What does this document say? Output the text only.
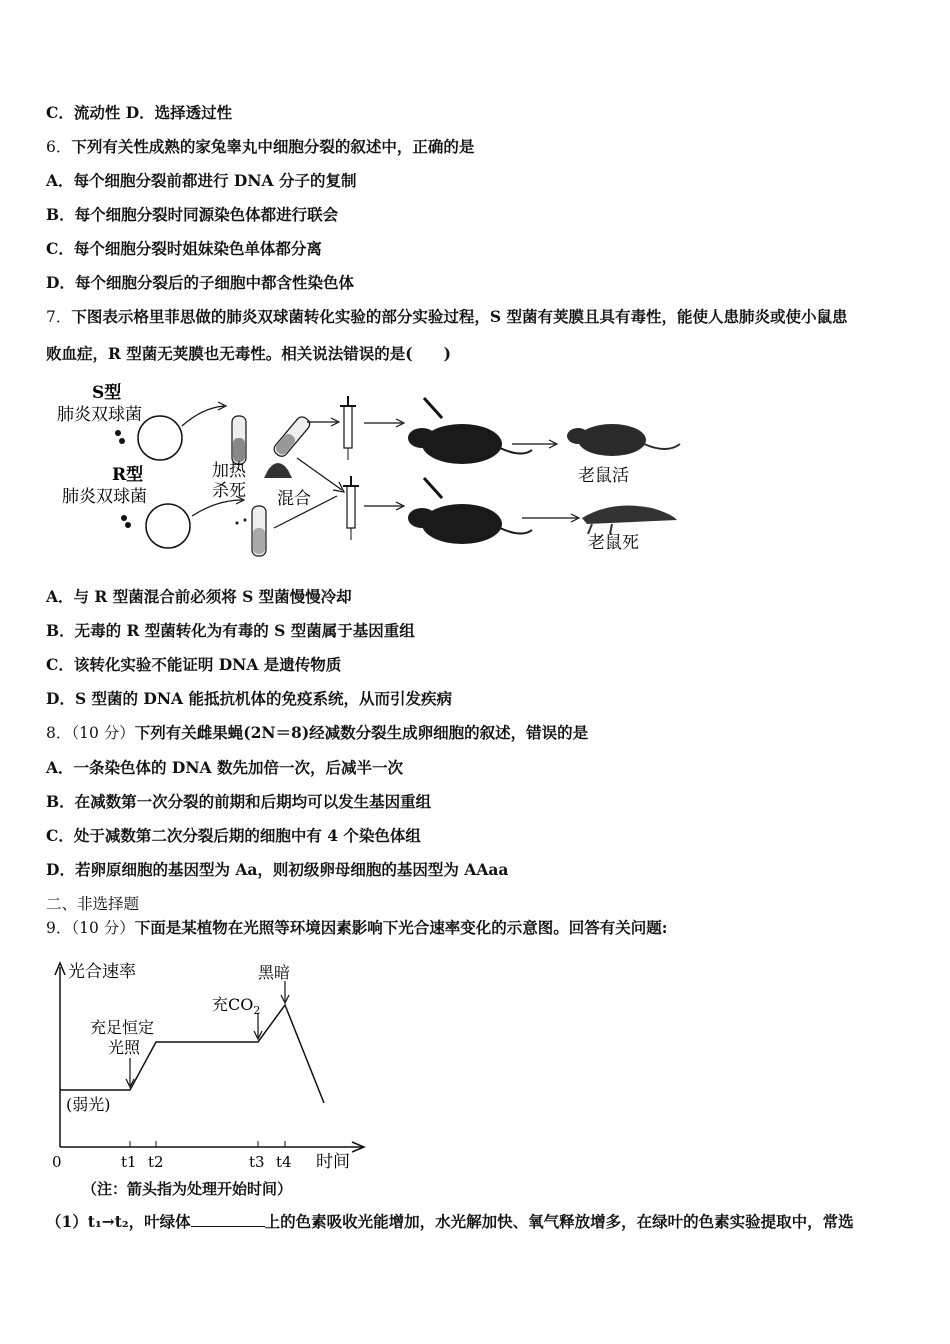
C．流动性 D．选择透过性
6．下列有关性成熟的家兔睾丸中细胞分裂的叙述中，正确的是
A．每个细胞分裂前都进行 DNA 分子的复制
B．每个细胞分裂时同源染色体都进行联会
C．每个细胞分裂时姐妹染色单体都分离
D．每个细胞分裂后的子细胞中都含性染色体
7．下图表示格里菲思做的肺炎双球菌转化实验的部分实验过程，S 型菌有荚膜且具有毒性，能使人患肺炎或使小鼠患
败血症，R 型菌无荚膜也无毒性。相关说法错误的是(　　)
S型
肺炎双球菌
R型
肺炎双球菌
加热
杀死 混合
老鼠活
老鼠死
A．与 R 型菌混合前必须将 S 型菌慢慢冷却
B．无毒的 R 型菌转化为有毒的 S 型菌属于基因重组
C．该转化实验不能证明 DNA 是遗传物质
D．S 型菌的 DNA 能抵抗机体的免疫系统，从而引发疾病
8．（10 分）下列有关雌果蝇(2N＝8)经减数分裂生成卵细胞的叙述，错误的是
A．一条染色体的 DNA 数先加倍一次，后减半一次
B．在减数第一次分裂的前期和后期均可以发生基因重组
C．处于减数第二次分裂后期的细胞中有 4 个染色体组
D．若卵原细胞的基因型为 Aa，则初级卵母细胞的基因型为 AAaa
二、非选择题
9．（10 分）下面是某植物在光照等环境因素影响下光合速率变化的示意图。回答有关问题:
光合速率
时间
0	t1 t2	t3 t4
(弱光)
充足恒定
光照
充$CO_2$
黑暗
（注：箭头指为处理开始时间）
（1）t₁→t₂，叶绿体	上的色素吸收光能增加，水光解加快、氧气释放增多，在绿叶的色素实验提取中，常选
